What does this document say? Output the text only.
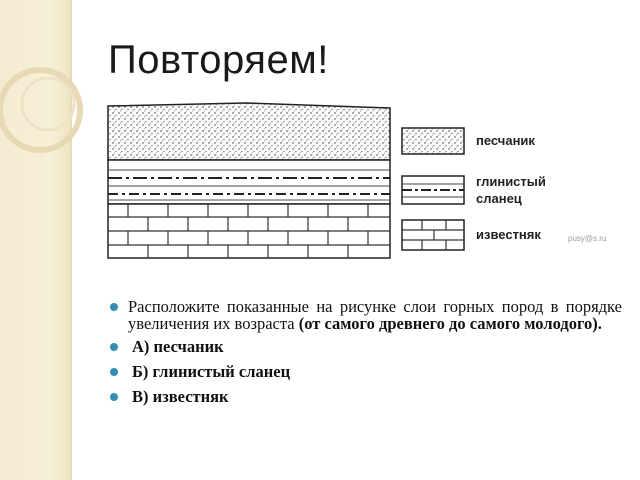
Повторяем!
песчаник
глинистый
сланец
известняк	pusy@s.ru
Расположите показанные на рисунке слои горных пород в порядке увеличения их возраста (от самого древнего до самого молодого).
А) песчаник
Б) глинистый сланец
В) известняк
